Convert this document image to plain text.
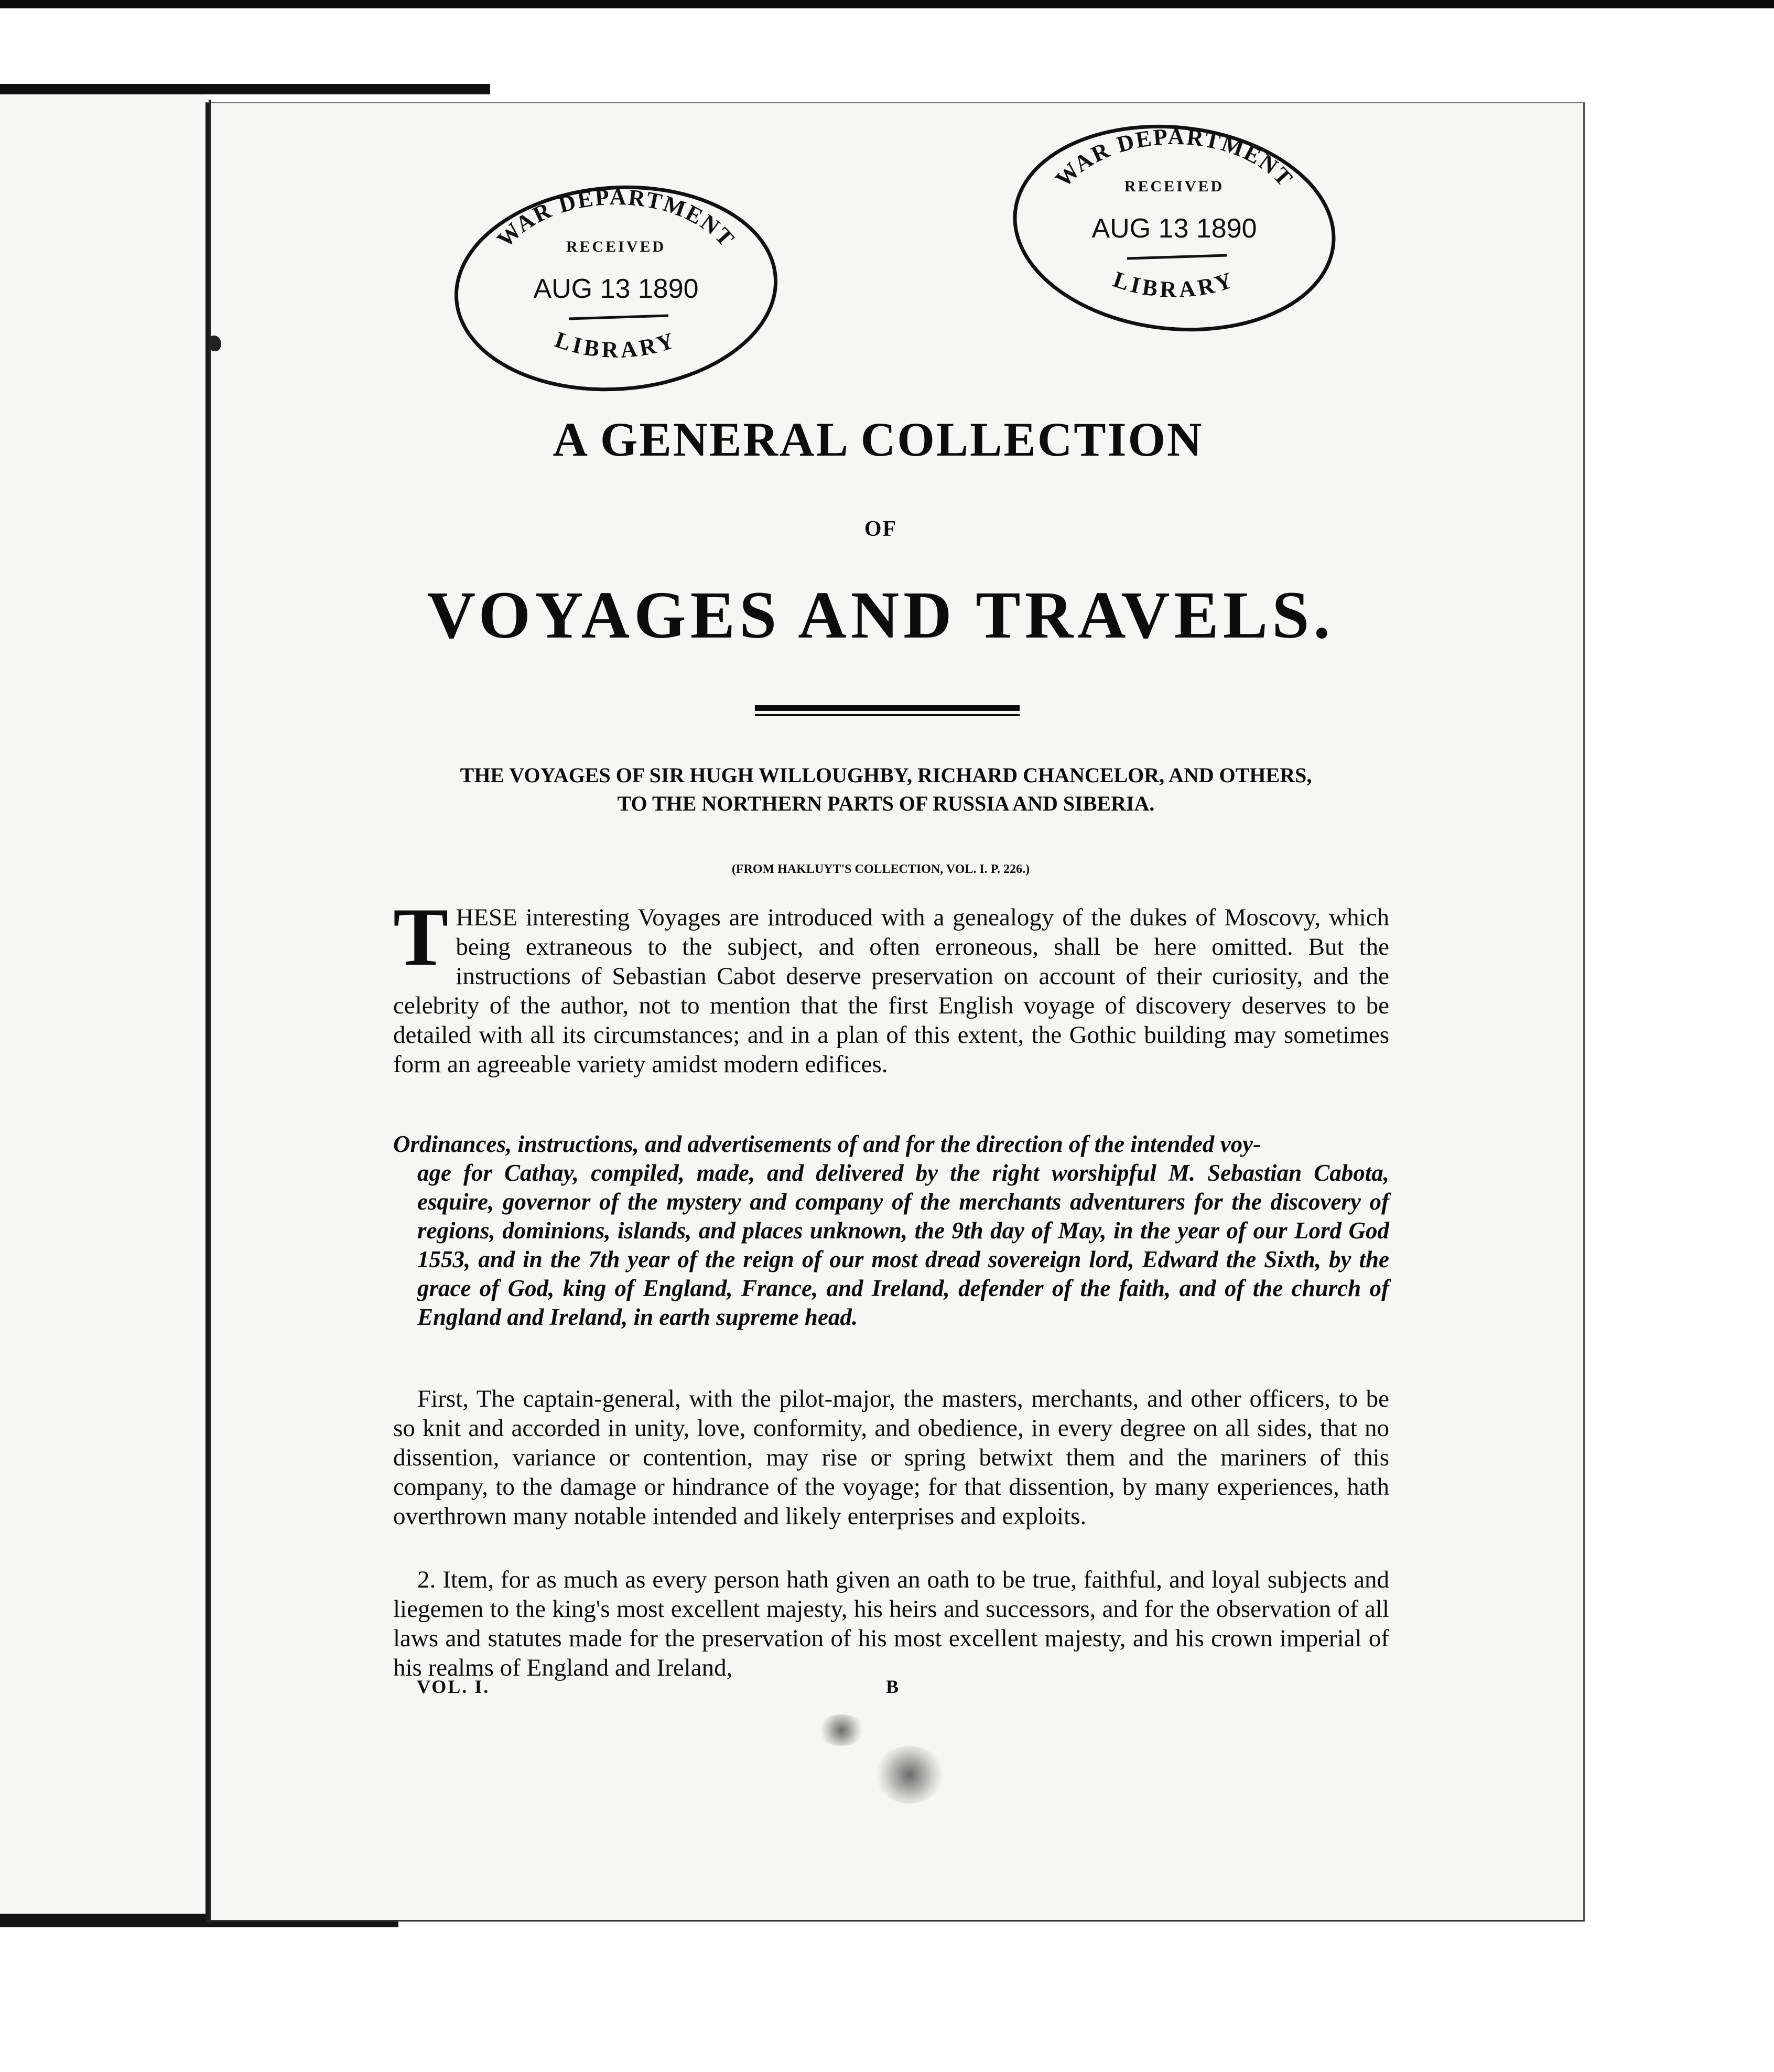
WAR DEPARTMENT
RECEIVED
AUG 13 1890
LIBRARY
WAR DEPARTMENT
RECEIVED
AUG 13 1890
LIBRARY
A GENERAL COLLECTION
OF
VOYAGES AND TRAVELS.
THE VOYAGES OF SIR HUGH WILLOUGHBY, RICHARD CHANCELOR, AND OTHERS,
TO THE NORTHERN PARTS OF RUSSIA AND SIBERIA.
(FROM HAKLUYT'S COLLECTION, VOL. I. P. 226.)
T HESE interesting Voyages are introduced with a genealogy of the dukes of Moscovy, which being extraneous to the subject, and often erroneous, shall be here omitted. But the instructions of Sebastian Cabot deserve preservation on account of their curiosity, and the celebrity of the author, not to mention that the first English voyage of discovery deserves to be detailed with all its circumstances; and in a plan of this extent, the Gothic building may sometimes form an agreeable variety amidst modern edifices.
Ordinances, instructions, and advertisements of and for the direction of the intended voy-
age for Cathay, compiled, made, and delivered by the right worshipful M. Sebastian Cabota, esquire, governor of the mystery and company of the merchants adventurers for the discovery of regions, dominions, islands, and places unknown, the 9th day of May, in the year of our Lord God 1553, and in the 7th year of the reign of our most dread sovereign lord, Edward the Sixth, by the grace of God, king of England, France, and Ireland, defender of the faith, and of the church of England and Ireland, in earth supreme head.
First, The captain-general, with the pilot-major, the masters, merchants, and other officers, to be so knit and accorded in unity, love, conformity, and obedience, in every degree on all sides, that no dissention, variance or contention, may rise or spring betwixt them and the mariners of this company, to the damage or hindrance of the voyage; for that dissention, by many experiences, hath overthrown many notable intended and likely enterprises and exploits.
2. Item, for as much as every person hath given an oath to be true, faithful, and loyal subjects and liegemen to the king's most excellent majesty, his heirs and successors, and for the observation of all laws and statutes made for the preservation of his most excellent majesty, and his crown imperial of his realms of England and Ireland,
VOL. I.	B
